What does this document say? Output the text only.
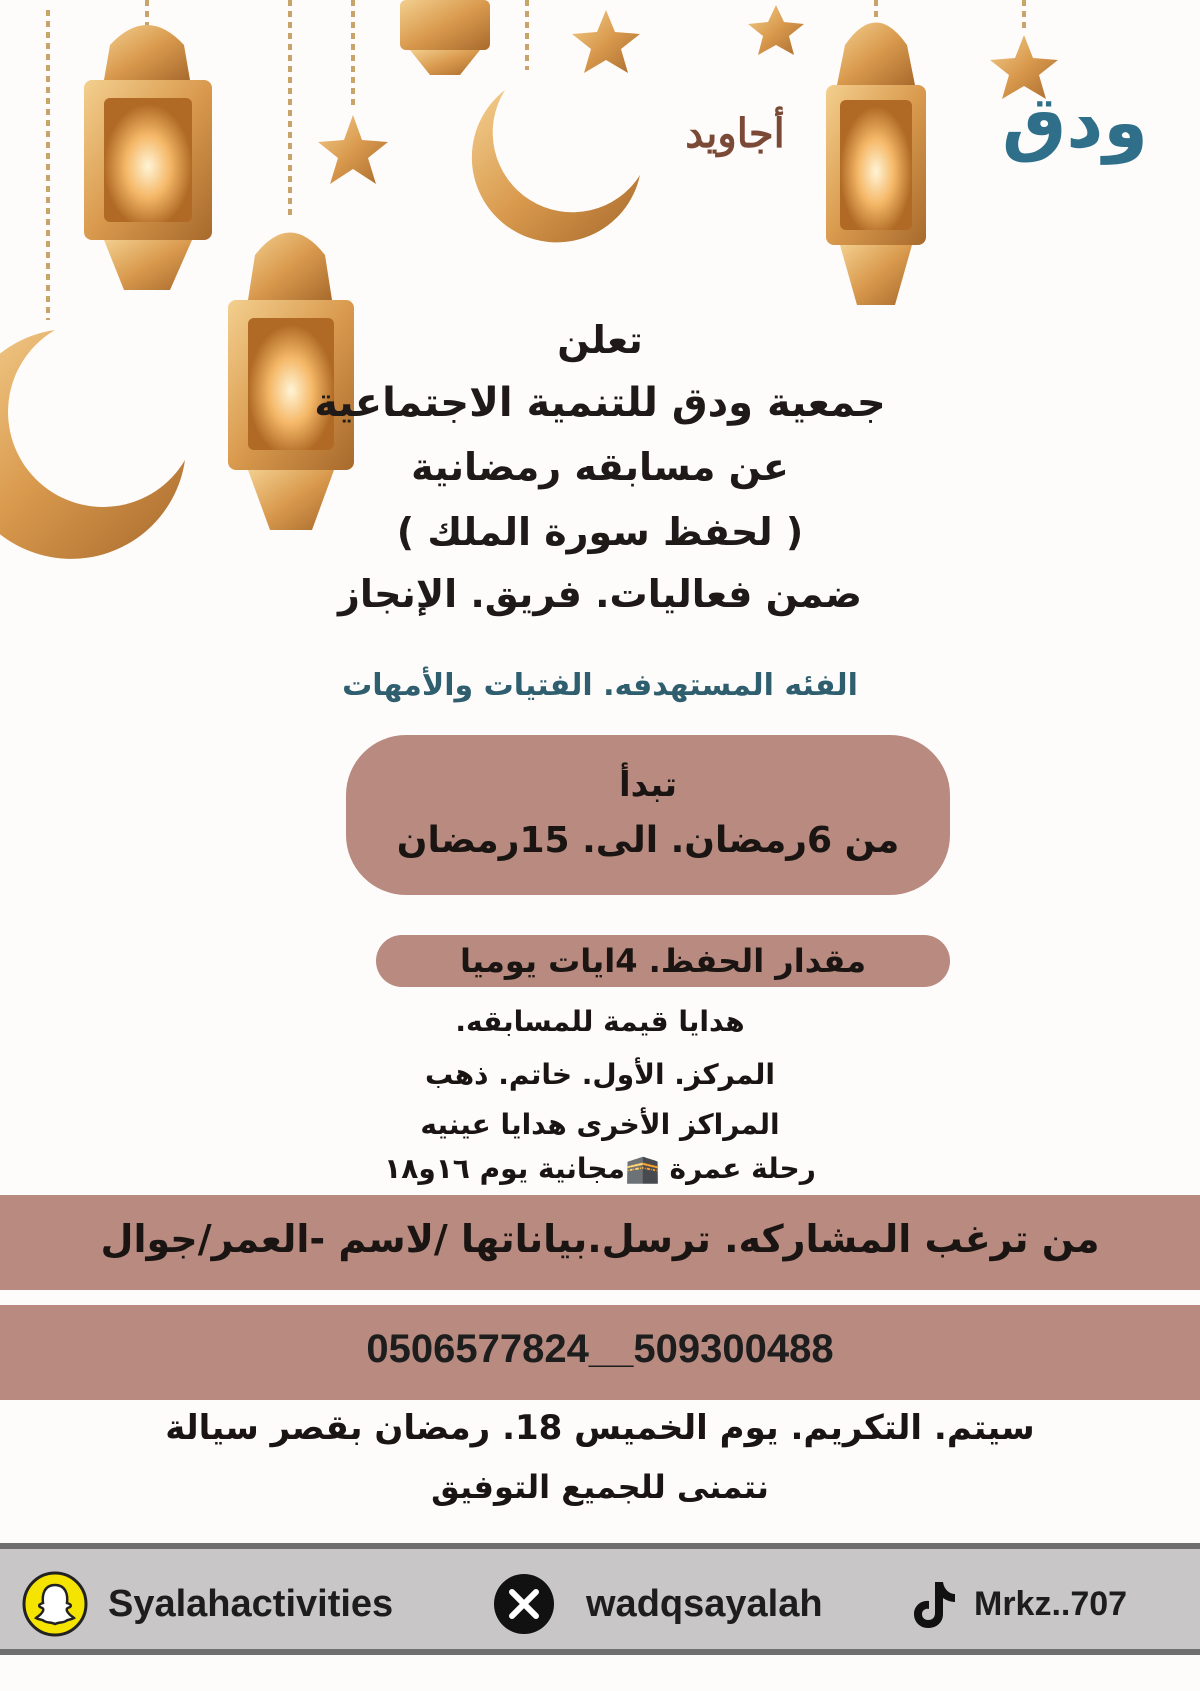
أجاويد	ودق
تعلن
جمعية ودق للتنمية الاجتماعية
عن مسابقه رمضانية
( لحفظ سورة الملك )
ضمن فعاليات. فريق. الإنجاز
الفئه المستهدفه. الفتيات والأمهات
تبدأ
من 6رمضان. الى. 15رمضان
مقدار الحفظ. 4ايات يوميا
هدايا قيمة للمسابقه.
المركز. الأول. خاتم. ذهب
المراكز الأخرى هدايا عينيه
رحلة عمرة 🕋مجانية يوم ١٦و١٨
من ترغب المشاركه. ترسل.بياناتها /لاسم -العمر/جوال
0506577824__509300488
سيتم. التكريم. يوم الخميس 18. رمضان بقصر سيالة
نتمنى للجميع التوفيق
Syalahactivities	wadqsayalah	Mrkz..707
